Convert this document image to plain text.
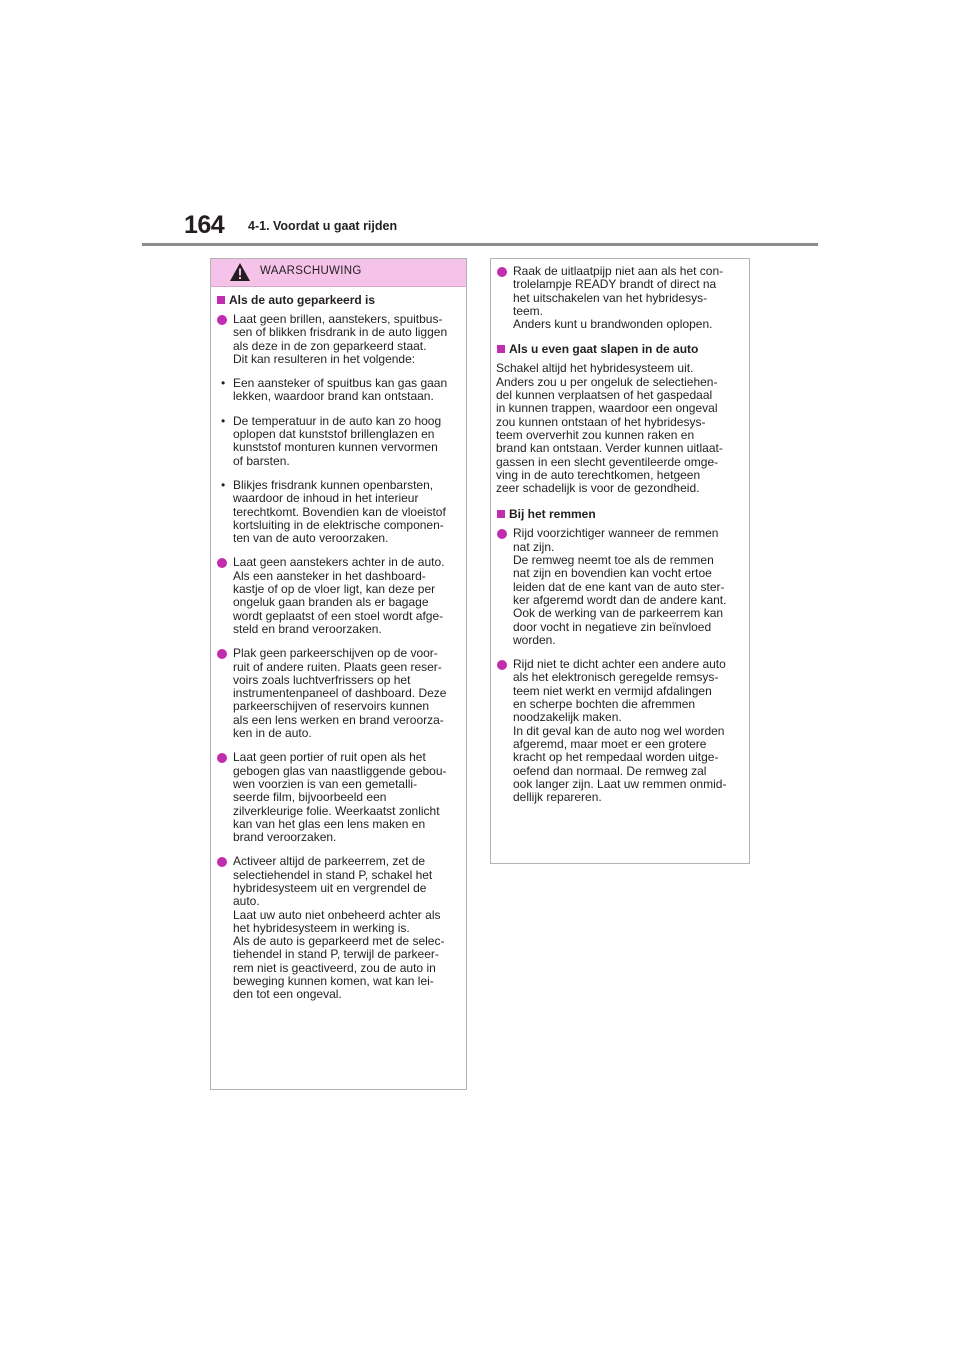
164 4-1. Voordat u gaat rijden
WAARSCHUWING
Als de auto geparkeerd is
Laat geen brillen, aanstekers, spuitbus-
sen of blikken frisdrank in de auto liggen
als deze in de zon geparkeerd staat.
Dit kan resulteren in het volgende:
• Een aansteker of spuitbus kan gas gaan
lekken, waardoor brand kan ontstaan.
• De temperatuur in de auto kan zo hoog
oplopen dat kunststof brillenglazen en
kunststof monturen kunnen vervormen
of barsten.
• Blikjes frisdrank kunnen openbarsten,
waardoor de inhoud in het interieur
terechtkomt. Bovendien kan de vloeistof
kortsluiting in de elektrische componen-
ten van de auto veroorzaken.
Laat geen aanstekers achter in de auto.
Als een aansteker in het dashboard-
kastje of op de vloer ligt, kan deze per
ongeluk gaan branden als er bagage
wordt geplaatst of een stoel wordt afge-
steld en brand veroorzaken.
Plak geen parkeerschijven op de voor-
ruit of andere ruiten. Plaats geen reser-
voirs zoals luchtverfrissers op het
instrumentenpaneel of dashboard. Deze
parkeerschijven of reservoirs kunnen
als een lens werken en brand veroorza-
ken in de auto.
Laat geen portier of ruit open als het
gebogen glas van naastliggende gebou-
wen voorzien is van een gemetalli-
seerde film, bijvoorbeeld een
zilverkleurige folie. Weerkaatst zonlicht
kan van het glas een lens maken en
brand veroorzaken.
Activeer altijd de parkeerrem, zet de
selectiehendel in stand P, schakel het
hybridesysteem uit en vergrendel de
auto.
Laat uw auto niet onbeheerd achter als
het hybridesysteem in werking is.
Als de auto is geparkeerd met de selec-
tiehendel in stand P, terwijl de parkeer-
rem niet is geactiveerd, zou de auto in
beweging kunnen komen, wat kan lei-
den tot een ongeval.
Raak de uitlaatpijp niet aan als het con-
trolelampje READY brandt of direct na
het uitschakelen van het hybridesys-
teem.
Anders kunt u brandwonden oplopen.
Als u even gaat slapen in de auto
Schakel altijd het hybridesysteem uit.
Anders zou u per ongeluk de selectiehen-
del kunnen verplaatsen of het gaspedaal
in kunnen trappen, waardoor een ongeval
zou kunnen ontstaan of het hybridesys-
teem oververhit zou kunnen raken en
brand kan ontstaan. Verder kunnen uitlaat-
gassen in een slecht geventileerde omge-
ving in de auto terechtkomen, hetgeen
zeer schadelijk is voor de gezondheid.
Bij het remmen
Rijd voorzichtiger wanneer de remmen
nat zijn.
De remweg neemt toe als de remmen
nat zijn en bovendien kan vocht ertoe
leiden dat de ene kant van de auto ster-
ker afgeremd wordt dan de andere kant.
Ook de werking van de parkeerrem kan
door vocht in negatieve zin beïnvloed
worden.
Rijd niet te dicht achter een andere auto
als het elektronisch geregelde remsys-
teem niet werkt en vermijd afdalingen
en scherpe bochten die afremmen
noodzakelijk maken.
In dit geval kan de auto nog wel worden
afgeremd, maar moet er een grotere
kracht op het rempedaal worden uitge-
oefend dan normaal. De remweg zal
ook langer zijn. Laat uw remmen onmid-
dellijk repareren.
